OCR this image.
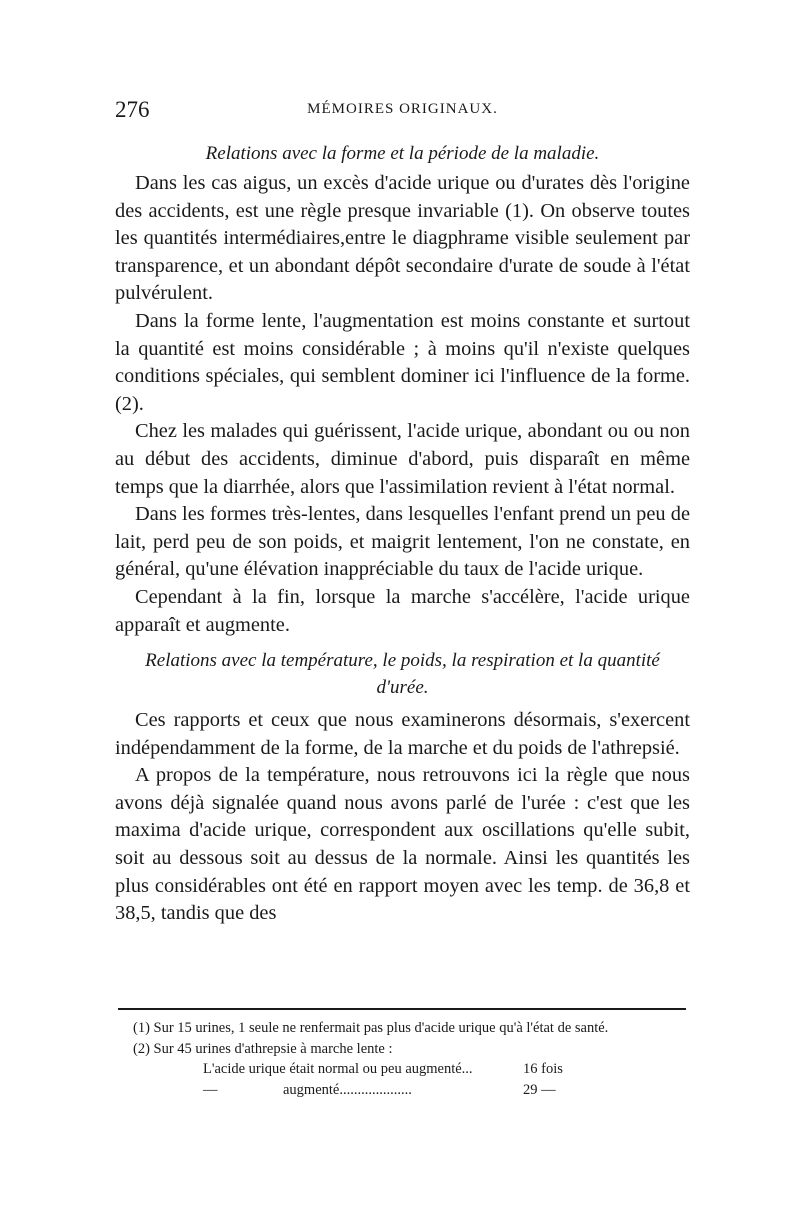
276	MÉMOIRES ORIGINAUX.
Relations avec la forme et la période de la maladie.

Dans les cas aigus, un excès d'acide urique ou d'urates dès l'origine des accidents, est une règle presque invariable (1). On observe toutes les quantités intermédiaires,entre le diagphrame visible seulement par transparence, et un abondant dépôt secondaire d'urate de soude à l'état pulvérulent.

Dans la forme lente, l'augmentation est moins constante et surtout la quantité est moins considérable ; à moins qu'il n'existe quelques conditions spéciales, qui semblent dominer ici l'influence de la forme. (2).

Chez les malades qui guérissent, l'acide urique, abondant ou ou non au début des accidents, diminue d'abord, puis disparaît en même temps que la diarrhée, alors que l'assimilation revient à l'état normal.

Dans les formes très-lentes, dans lesquelles l'enfant prend un peu de lait, perd peu de son poids, et maigrit lentement, l'on ne constate, en général, qu'une élévation inappréciable du taux de l'acide urique.

Cependant à la fin, lorsque la marche s'accélère, l'acide urique apparaît et augmente.

Relations avec la température, le poids, la respiration et la quantité
d'urée.

Ces rapports et ceux que nous examinerons désormais, s'exercent indépendamment de la forme, de la marche et du poids de l'athrepsié.

A propos de la température, nous retrouvons ici la règle que nous avons déjà signalée quand nous avons parlé de l'urée : c'est que les maxima d'acide urique, correspondent aux oscillations qu'elle subit, soit au dessous soit au dessus de la normale. Ainsi les quantités les plus considérables ont été en rapport moyen avec les temp. de 36,8 et 38,5, tandis que des

(1) Sur 15 urines, 1 seule ne renfermait pas plus d'acide urique qu'à l'état de santé.

(2) Sur 45 urines d'athrepsie à marche lente :

L'acide urique était normal ou peu augmenté...	16 fois
—	augmenté....................	29 —
